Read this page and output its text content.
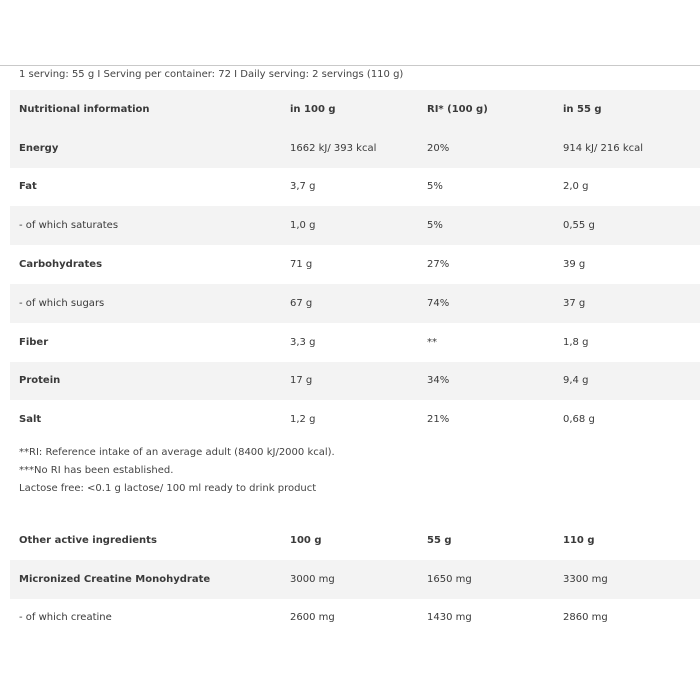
1 serving: 55 g I Serving per container: 72 I Daily serving: 2 servings (110 g)
Nutritional information	in 100 g	RI* (100 g)	in 55 g
Energy	1662 kJ/ 393 kcal	20%	914 kJ/ 216 kcal
Fat	3,7 g	5%	2,0 g
- of which saturates	1,0 g	5%	0,55 g
Carbohydrates	71 g	27%	39 g
- of which sugars	67 g	74%	37 g
Fiber	3,3 g	**	1,8 g
Protein	17 g	34%	9,4 g
Salt	1,2 g	21%	0,68 g
**RI: Reference intake of an average adult (8400 kJ/2000 kcal).
***No RI has been established.
Lactose free: <0.1 g lactose/ 100 ml ready to drink product
Other active ingredients	100 g	55 g	110 g
Micronized Creatine Monohydrate	3000 mg	1650 mg	3300 mg
- of which creatine	2600 mg	1430 mg	2860 mg
